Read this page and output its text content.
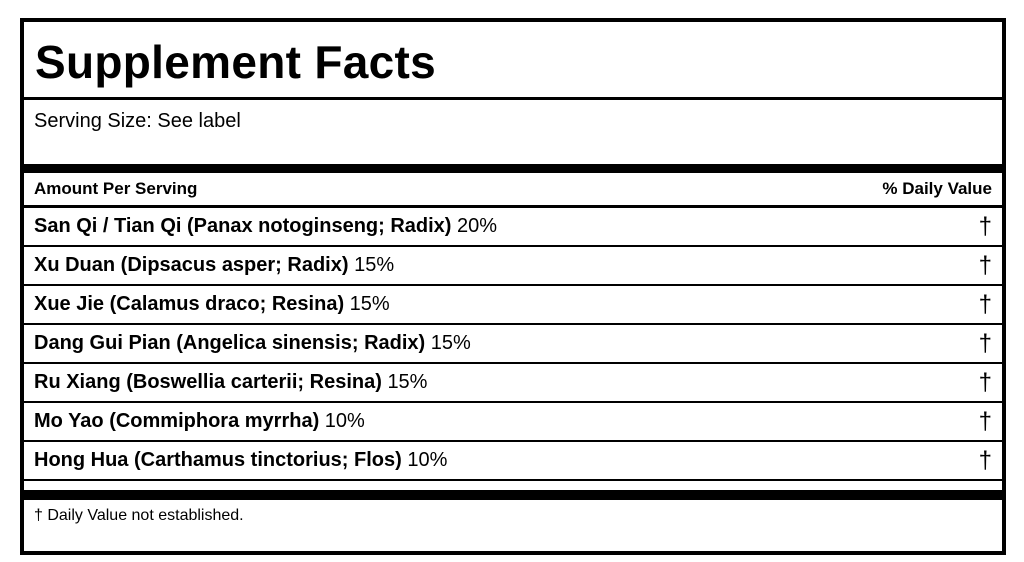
Supplement Facts
Serving Size: See label
Amount Per Serving	% Daily Value
San Qi / Tian Qi (Panax notoginseng; Radix) 20%	†
Xu Duan (Dipsacus asper; Radix) 15%	†
Xue Jie (Calamus draco; Resina) 15%	†
Dang Gui Pian (Angelica sinensis; Radix) 15%	†
Ru Xiang (Boswellia carterii; Resina) 15%	†
Mo Yao (Commiphora myrrha) 10%	†
Hong Hua (Carthamus tinctorius; Flos) 10%	†
† Daily Value not established.
